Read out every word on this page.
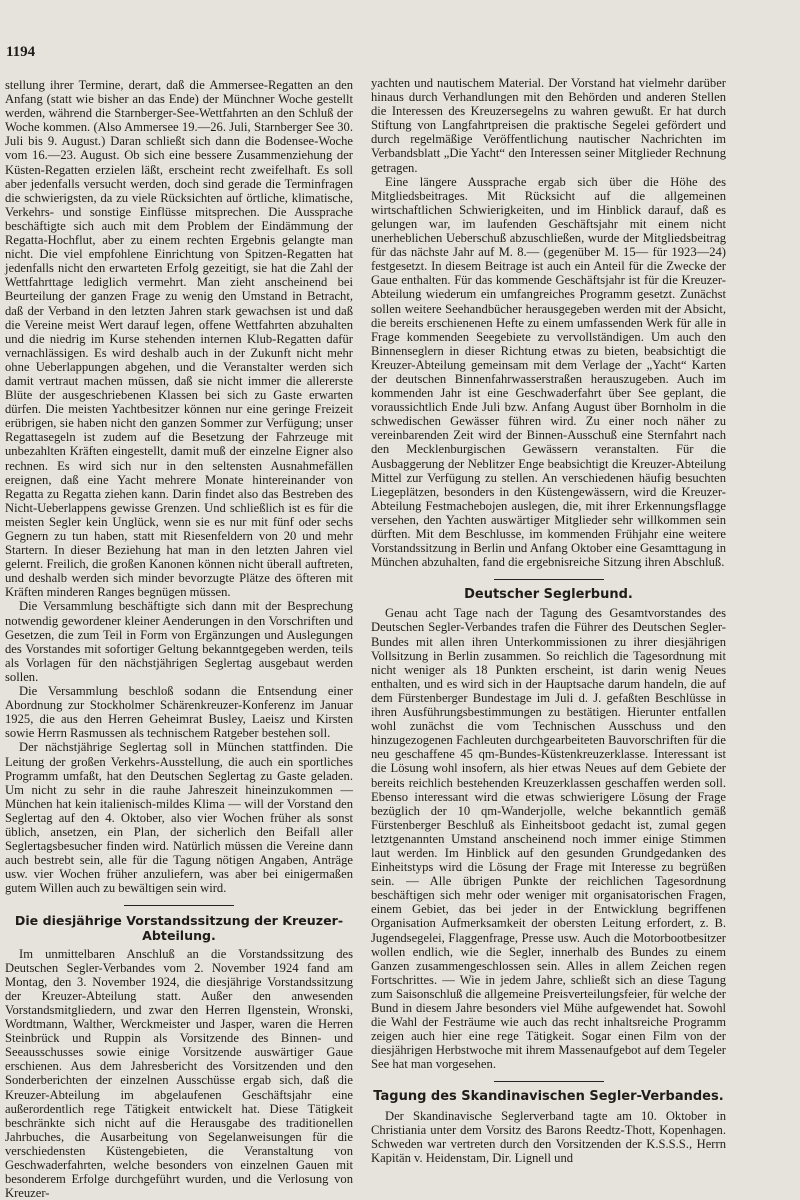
1194

stellung ihrer Termine, derart, daß die Ammersee-Regatten an den Anfang (statt wie bisher an das Ende) der Münchner Woche gestellt werden, während die Starnberger-See-Wettfahrten an den Schluß der Woche kommen. (Also Ammersee 19.—26. Juli, Starnberger See 30. Juli bis 9. August.) Daran schließt sich dann die Bodensee-Woche vom 16.—23. August. Ob sich eine bessere Zusammenziehung der Küsten-Regatten erzielen läßt, erscheint recht zweifelhaft. Es soll aber jedenfalls versucht werden, doch sind gerade die Terminfragen die schwierigsten, da zu viele Rücksichten auf örtliche, klimatische, Verkehrs- und sonstige Einflüsse mitsprechen. Die Aussprache beschäftigte sich auch mit dem Problem der Eindämmung der Regatta-Hochflut, aber zu einem rechten Ergebnis gelangte man nicht. Die viel empfohlene Einrichtung von Spitzen-Regatten hat jedenfalls nicht den erwarteten Erfolg gezeitigt, sie hat die Zahl der Wettfahrttage lediglich vermehrt. Man zieht anscheinend bei Beurteilung der ganzen Frage zu wenig den Umstand in Betracht, daß der Verband in den letzten Jahren stark gewachsen ist und daß die Vereine meist Wert darauf legen, offene Wettfahrten abzuhalten und die niedrig im Kurse stehenden internen Klub-Regatten dafür vernachlässigen. Es wird deshalb auch in der Zukunft nicht mehr ohne Ueberlappungen abgehen, und die Veranstalter werden sich damit vertraut machen müssen, daß sie nicht immer die allererste Blüte der ausgeschriebenen Klassen bei sich zu Gaste erwarten dürfen. Die meisten Yachtbesitzer können nur eine geringe Freizeit erübrigen, sie haben nicht den ganzen Sommer zur Verfügung; unser Regattasegeln ist zudem auf die Besetzung der Fahrzeuge mit unbezahlten Kräften eingestellt, damit muß der einzelne Eigner also rechnen. Es wird sich nur in den seltensten Ausnahmefällen ereignen, daß eine Yacht mehrere Monate hintereinander von Regatta zu Regatta ziehen kann. Darin findet also das Bestreben des Nicht-Ueberlappens gewisse Grenzen. Und schließlich ist es für die meisten Segler kein Unglück, wenn sie es nur mit fünf oder sechs Gegnern zu tun haben, statt mit Riesenfeldern von 20 und mehr Startern. In dieser Beziehung hat man in den letzten Jahren viel gelernt. Freilich, die großen Kanonen können nicht überall auftreten, und deshalb werden sich minder bevorzugte Plätze des öfteren mit Kräften minderen Ranges begnügen müssen.

Die Versammlung beschäftigte sich dann mit der Besprechung notwendig gewordener kleiner Aenderungen in den Vorschriften und Gesetzen, die zum Teil in Form von Ergänzungen und Auslegungen des Vorstandes mit sofortiger Geltung bekanntgegeben werden, teils als Vorlagen für den nächstjährigen Seglertag ausgebaut werden sollen.

Die Versammlung beschloß sodann die Entsendung einer Abordnung zur Stockholmer Schärenkreuzer-Konferenz im Januar 1925, die aus den Herren Geheimrat Busley, Laeisz und Kirsten sowie Herrn Rasmussen als technischem Ratgeber bestehen soll.

Der nächstjährige Seglertag soll in München stattfinden. Die Leitung der großen Verkehrs-Ausstellung, die auch ein sportliches Programm umfaßt, hat den Deutschen Seglertag zu Gaste geladen. Um nicht zu sehr in die rauhe Jahreszeit hineinzukommen — München hat kein italienisch-mildes Klima — will der Vorstand den Seglertag auf den 4. Oktober, also vier Wochen früher als sonst üblich, ansetzen, ein Plan, der sicherlich den Beifall aller Seglertagsbesucher finden wird. Natürlich müssen die Vereine dann auch bestrebt sein, alle für die Tagung nötigen Angaben, Anträge usw. vier Wochen früher anzuliefern, was aber bei einigermaßen gutem Willen auch zu bewältigen sein wird.

Die diesjährige Vorstandssitzung der Kreuzer-Abteilung.

Im unmittelbaren Anschluß an die Vorstandssitzung des Deutschen Segler-Verbandes vom 2. November 1924 fand am Montag, den 3. November 1924, die diesjährige Vorstandssitzung der Kreuzer-Abteilung statt. Außer den anwesenden Vorstandsmitgliedern, und zwar den Herren Ilgenstein, Wronski, Wordtmann, Walther, Werckmeister und Jasper, waren die Herren Steinbrück und Ruppin als Vorsitzende des Binnen- und Seeausschusses sowie einige Vorsitzende auswärtiger Gaue erschienen. Aus dem Jahresbericht des Vorsitzenden und den Sonderberichten der einzelnen Ausschüsse ergab sich, daß die Kreuzer-Abteilung im abgelaufenen Geschäftsjahr eine außerordentlich rege Tätigkeit entwickelt hat. Diese Tätigkeit beschränkte sich nicht auf die Herausgabe des traditionellen Jahrbuches, die Ausarbeitung von Segelanweisungen für die verschiedensten Küstengebieten, die Veranstaltung von Geschwaderfahrten, welche besonders von einzelnen Gauen mit besonderem Erfolge durchgeführt wurden, und die Verlosung von Kreuzer-

yachten und nautischem Material. Der Vorstand hat vielmehr darüber hinaus durch Verhandlungen mit den Behörden und anderen Stellen die Interessen des Kreuzersegelns zu wahren gewußt. Er hat durch Stiftung von Langfahrtpreisen die praktische Segelei gefördert und durch regelmäßige Veröffentlichung nautischer Nachrichten im Verbandsblatt „Die Yacht“ den Interessen seiner Mitglieder Rechnung getragen.

Eine längere Aussprache ergab sich über die Höhe des Mitgliedsbeitrages. Mit Rücksicht auf die allgemeinen wirtschaftlichen Schwierigkeiten, und im Hinblick darauf, daß es gelungen war, im laufenden Geschäftsjahr mit einem nicht unerheblichen Ueberschuß abzuschließen, wurde der Mitgliedsbeitrag für das nächste Jahr auf M. 8.— (gegenüber M. 15— für 1923—24) festgesetzt. In diesem Beitrage ist auch ein Anteil für die Zwecke der Gaue enthalten. Für das kommende Geschäftsjahr ist für die Kreuzer-Abteilung wiederum ein umfangreiches Programm gesetzt. Zunächst sollen weitere Seehandbücher herausgegeben werden mit der Absicht, die bereits erschienenen Hefte zu einem umfassenden Werk für alle in Frage kommenden Seegebiete zu vervollständigen. Um auch den Binnenseglern in dieser Richtung etwas zu bieten, beabsichtigt die Kreuzer-Abteilung gemeinsam mit dem Verlage der „Yacht“ Karten der deutschen Binnenfahrwasserstraßen herauszugeben. Auch im kommenden Jahr ist eine Geschwaderfahrt über See geplant, die voraussichtlich Ende Juli bzw. Anfang August über Bornholm in die schwedischen Gewässer führen wird. Zu einer noch näher zu vereinbarenden Zeit wird der Binnen-Ausschuß eine Sternfahrt nach den Mecklenburgischen Gewässern veranstalten. Für die Ausbaggerung der Neblitzer Enge beabsichtigt die Kreuzer-Abteilung Mittel zur Verfügung zu stellen. An verschiedenen häufig besuchten Liegeplätzen, besonders in den Küstengewässern, wird die Kreuzer-Abteilung Festmachebojen auslegen, die, mit ihrer Erkennungsflagge versehen, den Yachten auswärtiger Mitglieder sehr willkommen sein dürften. Mit dem Beschlusse, im kommenden Frühjahr eine weitere Vorstandssitzung in Berlin und Anfang Oktober eine Gesamttagung in München abzuhalten, fand die ergebnisreiche Sitzung ihren Abschluß.

Deutscher Seglerbund.

Genau acht Tage nach der Tagung des Gesamtvorstandes des Deutschen Segler-Verbandes trafen die Führer des Deutschen Segler-Bundes mit allen ihren Unterkommissionen zu ihrer diesjährigen Vollsitzung in Berlin zusammen. So reichlich die Tagesordnung mit nicht weniger als 18 Punkten erscheint, ist darin wenig Neues enthalten, und es wird sich in der Hauptsache darum handeln, die auf dem Fürstenberger Bundestage im Juli d. J. gefaßten Beschlüsse in ihren Ausführungsbestimmungen zu bestätigen. Hierunter entfallen wohl zunächst die vom Technischen Ausschuss und den hinzugezogenen Fachleuten durchgearbeiteten Bauvorschriften für die neu geschaffene 45 qm-Bundes-Küstenkreuzerklasse. Interessant ist die Lösung wohl insofern, als hier etwas Neues auf dem Gebiete der bereits reichlich bestehenden Kreuzerklassen geschaffen werden soll. Ebenso interessant wird die etwas schwierigere Lösung der Frage bezüglich der 10 qm-Wanderjolle, welche bekanntlich gemäß Fürstenberger Beschluß als Einheitsboot gedacht ist, zumal gegen letztgenannten Umstand anscheinend noch immer einige Stimmen laut werden. Im Hinblick auf den gesunden Grundgedanken des Einheitstyps wird die Lösung der Frage mit Interesse zu begrüßen sein. — Alle übrigen Punkte der reichlichen Tagesordnung beschäftigen sich mehr oder weniger mit organisatorischen Fragen, einem Gebiet, das bei jeder in der Entwicklung begriffenen Organisation Aufmerksamkeit der obersten Leitung erfordert, z. B. Jugendsegelei, Flaggenfrage, Presse usw. Auch die Motorbootbesitzer wollen endlich, wie die Segler, innerhalb des Bundes zu einem Ganzen zusammengeschlossen sein. Alles in allem Zeichen regen Fortschrittes. — Wie in jedem Jahre, schließt sich an diese Tagung zum Saisonschluß die allgemeine Preisverteilungsfeier, für welche der Bund in diesem Jahre besonders viel Mühe aufgewendet hat. Sowohl die Wahl der Festräume wie auch das recht inhaltsreiche Programm zeigen auch hier eine rege Tätigkeit. Sogar einen Film von der diesjährigen Herbstwoche mit ihrem Massenaufgebot auf dem Tegeler See hat man vorgesehen.

Tagung des Skandinavischen Segler-Verbandes.

Der Skandinavische Seglerverband tagte am 10. Oktober in Christiania unter dem Vorsitz des Barons Reedtz-Thott, Kopenhagen. Schweden war vertreten durch den Vorsitzenden der K.S.S.S., Herrn Kapitän v. Heidenstam, Dir. Lignell und
